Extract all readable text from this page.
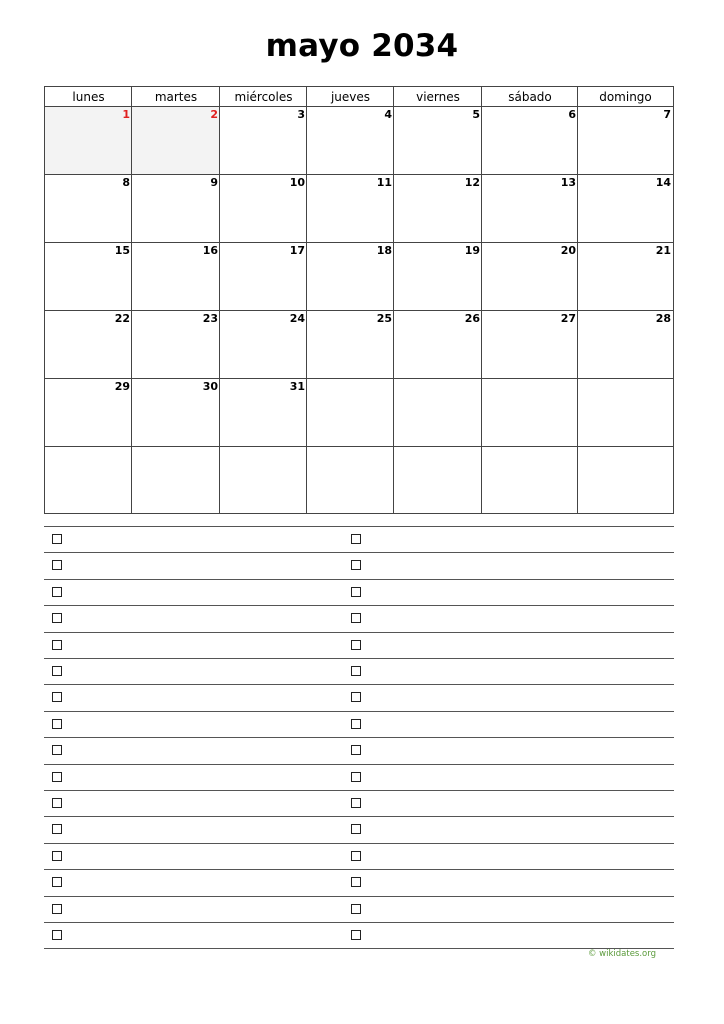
mayo 2034
lunes	martes	miércoles	jueves	viernes	sábado	domingo
1	2	3	4	5	6	7
8	9	10	11	12	13	14
15	16	17	18	19	20	21
22	23	24	25	26	27	28
29	30	31
© wikidates.org
